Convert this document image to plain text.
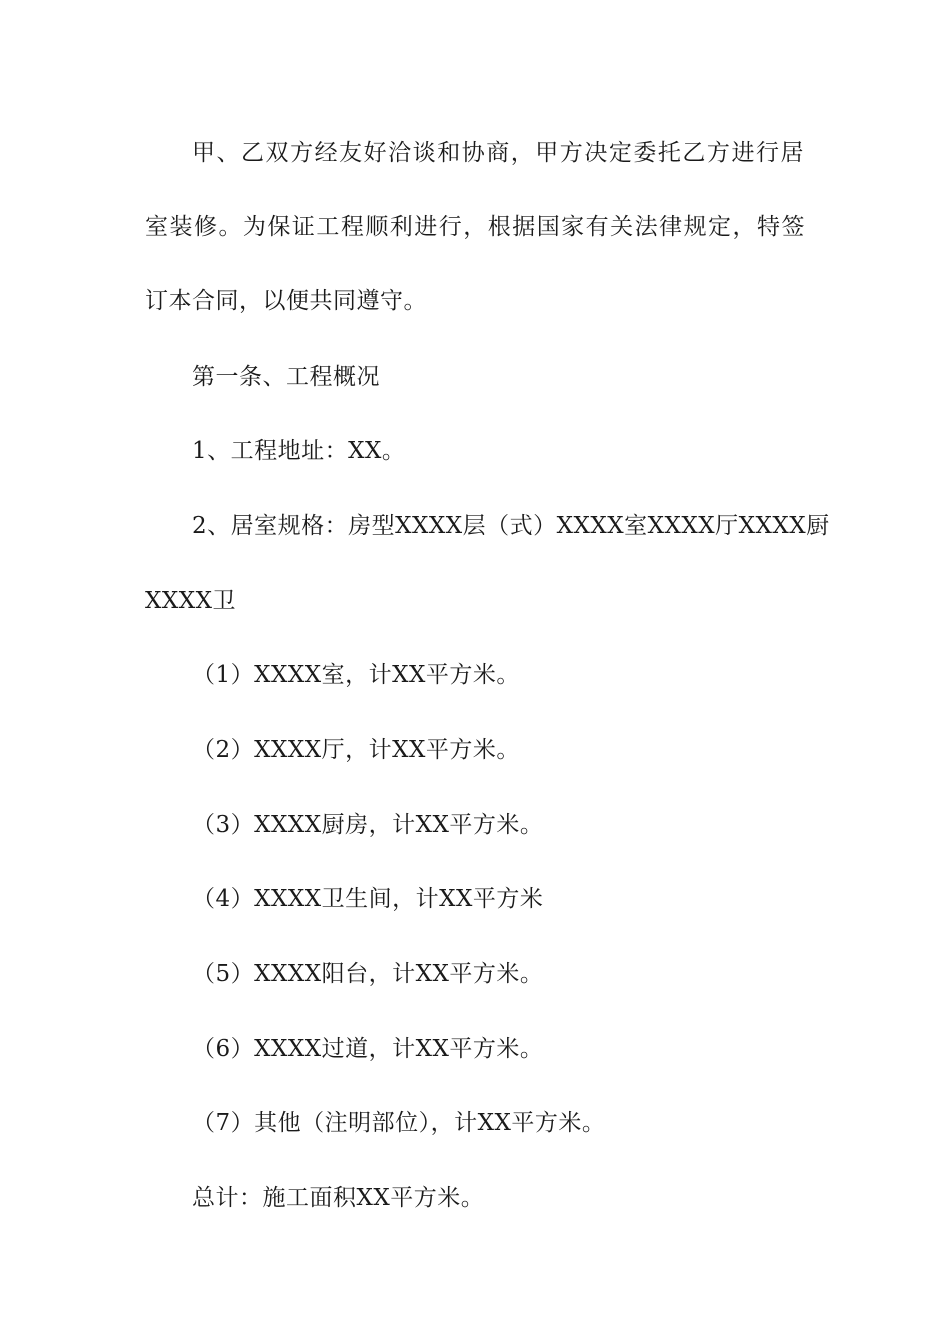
甲、乙双方经友好洽谈和协商，甲方决定委托乙方进行居
室装修。为保证工程顺利进行，根据国家有关法律规定，特签
订本合同，以便共同遵守。
第一条、工程概况
1、工程地址：XX。
2、居室规格：房型XXXX层（式）XXXX室XXXX厅XXXX厨
XXXX卫
（1）XXXX室，计XX平方米。
（2）XXXX厅，计XX平方米。
（3）XXXX厨房，计XX平方米。
（4）XXXX卫生间，计XX平方米
（5）XXXX阳台，计XX平方米。
（6）XXXX过道，计XX平方米。
（7）其他（注明部位），计XX平方米。
总计：施工面积XX平方米。
